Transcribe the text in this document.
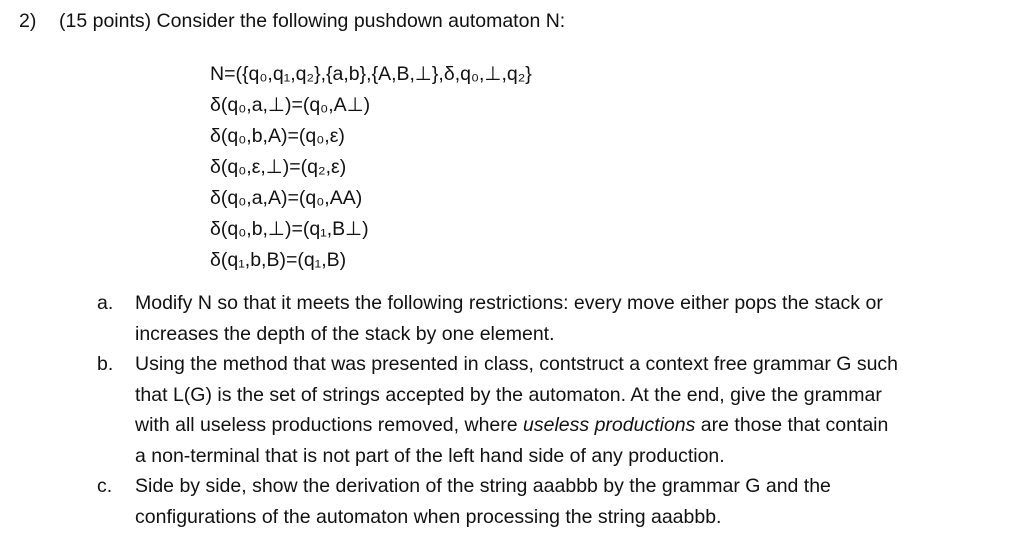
2) (15 points) Consider the following pushdown automaton N:
N=({q₀,q₁,q₂},{a,b},{A,B,⊥},δ,q₀,⊥,q₂}
δ(q₀,a,⊥)=(q₀,A⊥)
δ(q₀,b,A)=(q₀,ε)
δ(q₀,ε,⊥)=(q₂,ε)
δ(q₀,a,A)=(q₀,AA)
δ(q₀,b,⊥)=(q₁,B⊥)
δ(q₁,b,B)=(q₁,B)
a. Modify N so that it meets the following restrictions: every move either pops the stack or
increases the depth of the stack by one element.
b. Using the method that was presented in class, contstruct a context free grammar G such
that L(G) is the set of strings accepted by the automaton. At the end, give the grammar
with all useless productions removed, where useless productions are those that contain
a non-terminal that is not part of the left hand side of any production.
c. Side by side, show the derivation of the string aaabbb by the grammar G and the
configurations of the automaton when processing the string aaabbb.
